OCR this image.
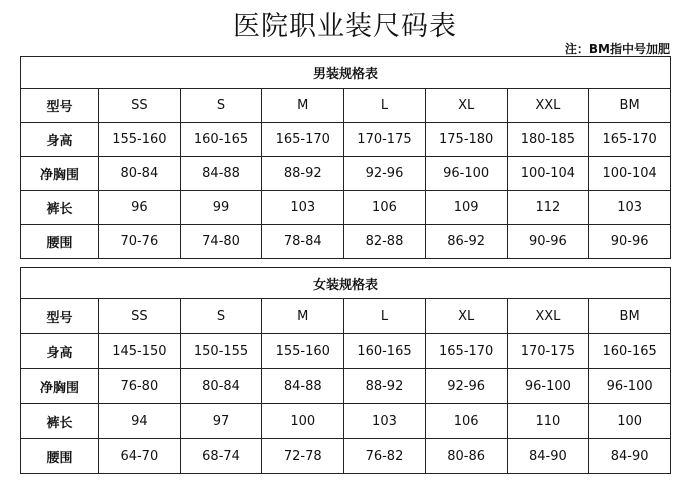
医院职业装尺码表
注：BM指中号加肥
男装规格表							
型号	SS	S	M	L	XL	XXL	BM
身高	155-160	160-165	165-170	170-175	175-180	180-185	165-170
净胸围	80-84	84-88	88-92	92-96	96-100	100-104	100-104
裤长	96	99	103	106	109	112	103
腰围	70-76	74-80	78-84	82-88	86-92	90-96	90-96
女装规格表							
型号	SS	S	M	L	XL	XXL	BM
身高	145-150	150-155	155-160	160-165	165-170	170-175	160-165
净胸围	76-80	80-84	84-88	88-92	92-96	96-100	96-100
裤长	94	97	100	103	106	110	100
腰围	64-70	68-74	72-78	76-82	80-86	84-90	84-90
